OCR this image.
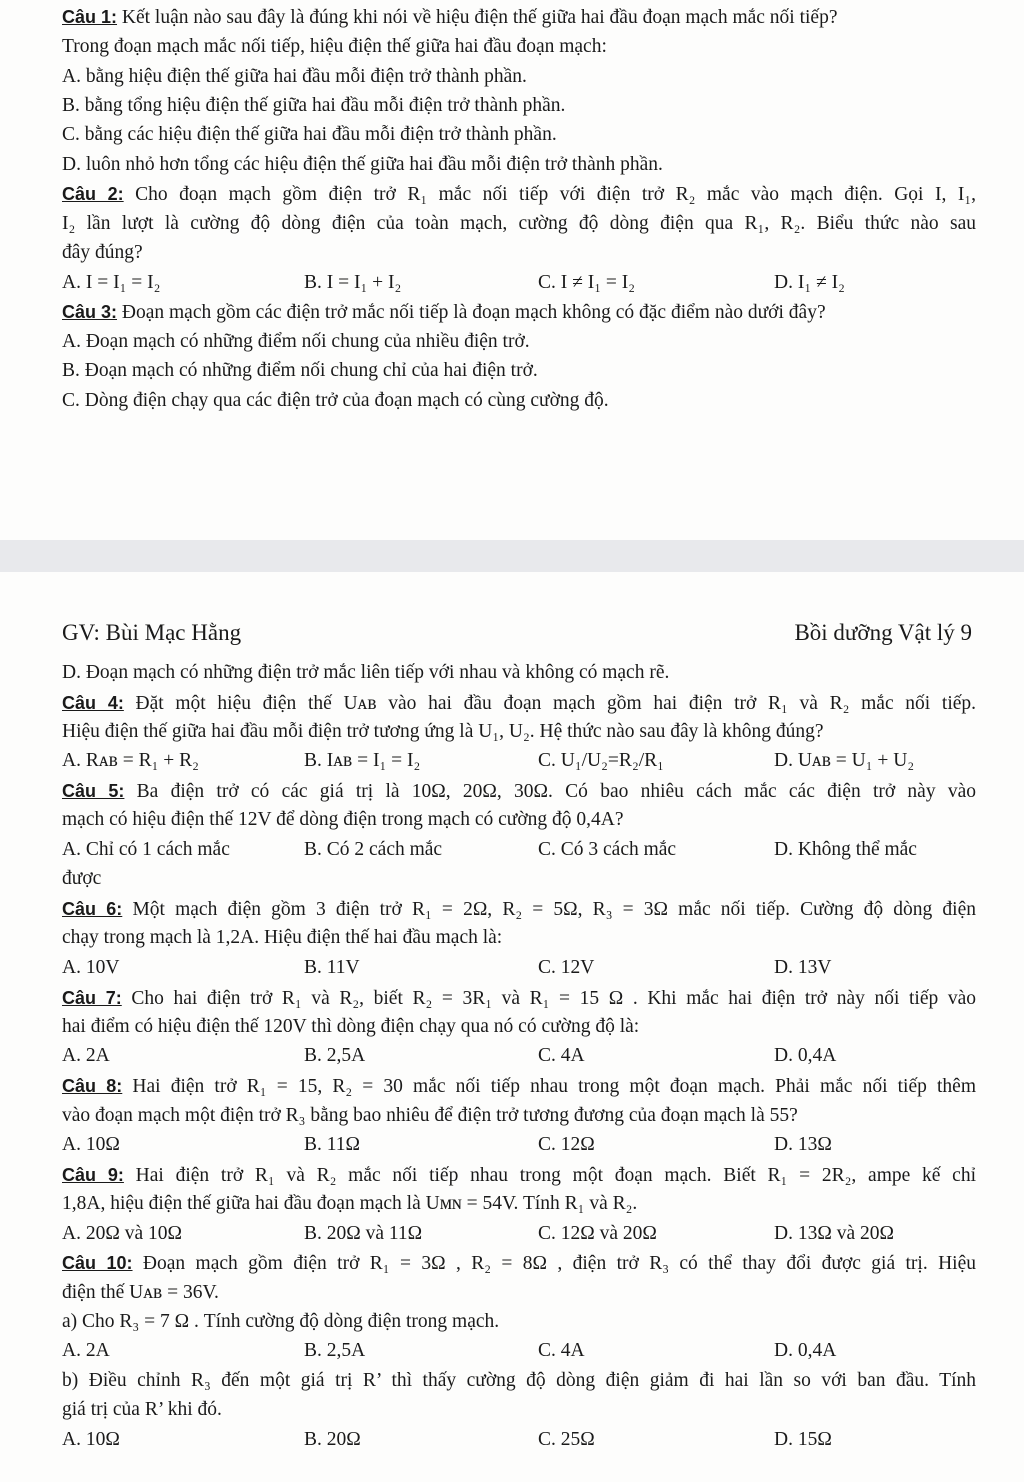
Câu 1: Kết luận nào sau đây là đúng khi nói về hiệu điện thế giữa hai đầu đoạn mạch mắc nối tiếp?
Trong đoạn mạch mắc nối tiếp, hiệu điện thế giữa hai đầu đoạn mạch:
A. bằng hiệu điện thế giữa hai đầu mỗi điện trở thành phần.
B. bằng tổng hiệu điện thế giữa hai đầu mỗi điện trở thành phần.
C. bằng các hiệu điện thế giữa hai đầu mỗi điện trở thành phần.
D. luôn nhỏ hơn tổng các hiệu điện thế giữa hai đầu mỗi điện trở thành phần.
Câu 2: Cho đoạn mạch gồm điện trở R₁ mắc nối tiếp với điện trở R₂ mắc vào mạch điện. Gọi I, I₁,
I₂ lần lượt là cường độ dòng điện của toàn mạch, cường độ dòng điện qua R₁, R₂. Biểu thức nào sau
đây đúng?
A. I = I₁ = I₂	B. I = I₁ + I₂	C. I ≠ I₁ = I₂	D. I₁ ≠ I₂
Câu 3: Đoạn mạch gồm các điện trở mắc nối tiếp là đoạn mạch không có đặc điểm nào dưới đây?
A. Đoạn mạch có những điểm nối chung của nhiều điện trở.
B. Đoạn mạch có những điểm nối chung chỉ của hai điện trở.
C. Dòng điện chạy qua các điện trở của đoạn mạch có cùng cường độ.
GV: Bùi Mạc Hằng	Bồi dưỡng Vật lý 9
D. Đoạn mạch có những điện trở mắc liên tiếp với nhau và không có mạch rẽ.
Câu 4: Đặt một hiệu điện thế Uᴀʙ vào hai đầu đoạn mạch gồm hai điện trở R₁ và R₂ mắc nối tiếp.
Hiệu điện thế giữa hai đầu mỗi điện trở tương ứng là U₁, U₂. Hệ thức nào sau đây là không đúng?
A. Rᴀʙ = R₁ + R₂	B. Iᴀʙ = I₁ = I₂	C. U₁/U₂=R₂/R₁	D. Uᴀʙ = U₁ + U₂
Câu 5: Ba điện trở có các giá trị là 10Ω, 20Ω, 30Ω. Có bao nhiêu cách mắc các điện trở này vào
mạch có hiệu điện thế 12V để dòng điện trong mạch có cường độ 0,4A?
A. Chỉ có 1 cách mắc	B. Có 2 cách mắc	C. Có 3 cách mắc	D. Không thể mắc
được
Câu 6: Một mạch điện gồm 3 điện trở R₁ = 2Ω, R₂ = 5Ω, R₃ = 3Ω mắc nối tiếp. Cường độ dòng điện
chạy trong mạch là 1,2A. Hiệu điện thế hai đầu mạch là:
A. 10V	B. 11V	C. 12V	D. 13V
Câu 7: Cho hai điện trở R₁ và R₂, biết R₂ = 3R₁ và R₁ = 15 Ω . Khi mắc hai điện trở này nối tiếp vào
hai điểm có hiệu điện thế 120V thì dòng điện chạy qua nó có cường độ là:
A. 2A	B. 2,5A	C. 4A	D. 0,4A
Câu 8: Hai điện trở R₁ = 15, R₂ = 30 mắc nối tiếp nhau trong một đoạn mạch. Phải mắc nối tiếp thêm
vào đoạn mạch một điện trở R₃ bằng bao nhiêu để điện trở tương đương của đoạn mạch là 55?
A. 10Ω	B. 11Ω	C. 12Ω	D. 13Ω
Câu 9: Hai điện trở R₁ và R₂ mắc nối tiếp nhau trong một đoạn mạch. Biết R₁ = 2R₂, ampe kế chỉ
1,8A, hiệu điện thế giữa hai đầu đoạn mạch là Uᴍɴ = 54V. Tính R₁ và R₂.
A. 20Ω và 10Ω	B. 20Ω và 11Ω	C. 12Ω và 20Ω	D. 13Ω và 20Ω
Câu 10: Đoạn mạch gồm điện trở R₁ = 3Ω , R₂ = 8Ω , điện trở R₃ có thể thay đổi được giá trị. Hiệu
điện thế Uᴀʙ = 36V.
a) Cho R₃ = 7 Ω . Tính cường độ dòng điện trong mạch.
A. 2A	B. 2,5A	C. 4A	D. 0,4A
b) Điều chỉnh R₃ đến một giá trị R’ thì thấy cường độ dòng điện giảm đi hai lần so với ban đầu. Tính
giá trị của R’ khi đó.
A. 10Ω	B. 20Ω	C. 25Ω	D. 15Ω
